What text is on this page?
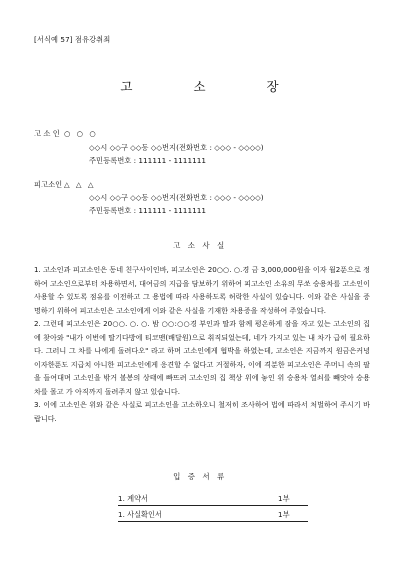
[서식예 57] 점유강취죄
고	소	장
고 소 인 ○ ○ ○
◇◇시 ◇◇구 ◇◇동 ◇◇번지(전화번호 : ◇◇◇ - ◇◇◇◇)
주민등록번호 : 111111 - 1111111
피고소인 △ △ △
◇◇시 ◇◇구 ◇◇동 ◇◇번지(전화번호 : ◇◇◇ - ◇◇◇◇)
주민등록번호 : 111111 - 1111111
고 소 사 실

1. 고소인과 피고소인은 동네 친구사이인바, 피고소인은 20○○. ○.경 금 3,000,000원을 이자 월2푼으로 정하여 고소인으로부터 차용하면서, 대여금의 지급을 담보하기 위하여 피고소인 소유의 무쏘 승용차를 고소인이 사용할 수 있도록 점유를 이전하고 그 용법에 따라 사용하도록 허락한 사실이 있습니다. 이와 같은 사실을 증명하기 위하여 피고소인은 고소인에게 이와 같은 사실을 기재한 차용증을 작성하여 주었습니다.

2. 그런데 피고소인은 20○○. ○. ○. 밤 ○○:○○경 부인과 딸과 함께 평온하게 잠을 자고 있는 고소인의 집에 찾아와 "내가 이번에 딸기다방에 티코맨(배달원)으로 취직되었는데, 네가 가지고 있는 내 차가 급히 필요하다. 그러니 그 차를 나에게 돌려다오" 라고 하며 고소인에게 협박을 하였는데, 고소인은 지금까지 원금은커녕 이자한푼도 지급치 아니한 피고소인에게 응견할 수 없다고 거절하자, 이에 격분한 피고소인은 주머니 속의 팔을 들여대며 고소인을 밖거 볼봉의 상태에 빠뜨려 고소인의 집 책상 위에 놓인 위 승용차 열쇠를 빼앗아 승용차를 몰고 가 아직까지 돌려주지 않고 있습니다.

3. 이에 고소인은 위와 같은 사실로 피고소인을 고소하오니 철저히 조사하여 법에 따라서 처벌하여 주시기 바랍니다.

입 증 서 류
1. 계약서	1부
1. 사실확인서	1부
